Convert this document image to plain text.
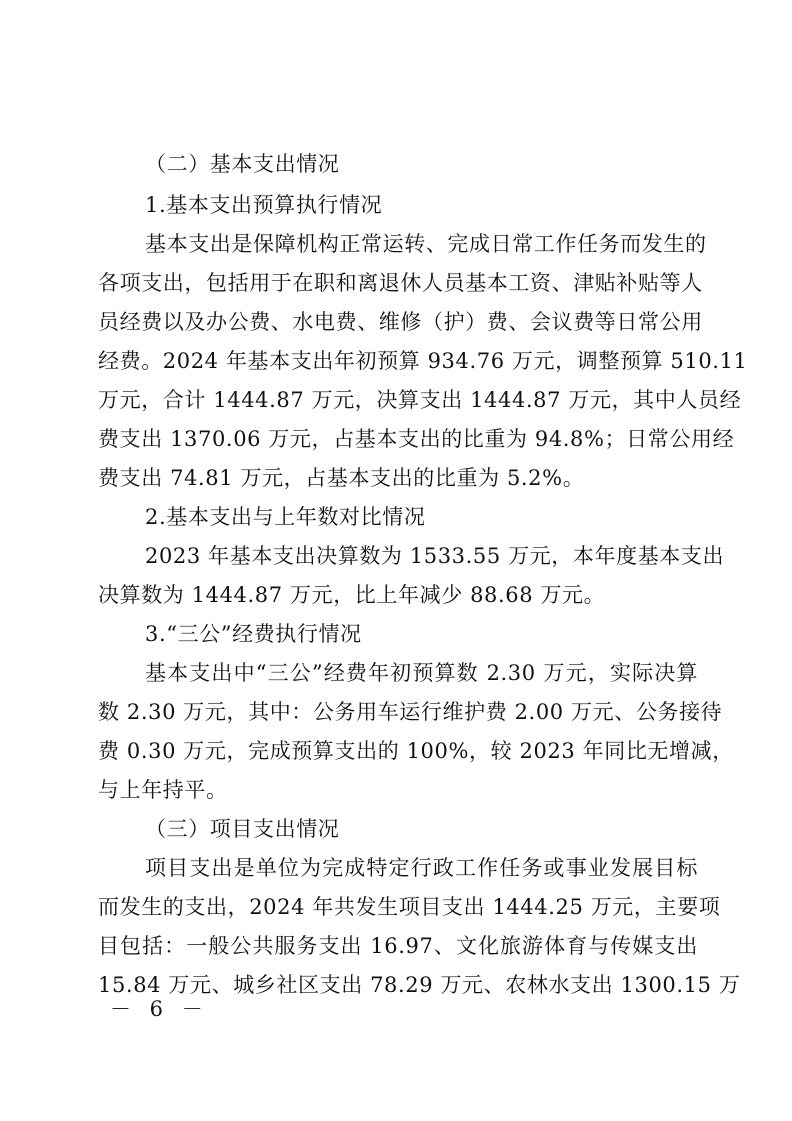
（二）基本支出情况
1.基本支出预算执行情况
基本支出是保障机构正常运转、完成日常工作任务而发生的
各项支出，包括用于在职和离退休人员基本工资、津贴补贴等人
员经费以及办公费、水电费、维修（护）费、会议费等日常公用
经费。2024 年基本支出年初预算 934.76 万元，调整预算 510.11
万元，合计 1444.87 万元，决算支出 1444.87 万元，其中人员经
费支出 1370.06 万元，占基本支出的比重为 94.8%；日常公用经
费支出 74.81 万元，占基本支出的比重为 5.2%。
2.基本支出与上年数对比情况
2023 年基本支出决算数为 1533.55 万元，本年度基本支出
决算数为 1444.87 万元，比上年减少 88.68 万元。
3.“三公”经费执行情况
基本支出中“三公”经费年初预算数 2.30 万元，实际决算
数 2.30 万元，其中：公务用车运行维护费 2.00 万元、公务接待
费 0.30 万元，完成预算支出的 100%，较 2023 年同比无增减，
与上年持平。
（三）项目支出情况
项目支出是单位为完成特定行政工作任务或事业发展目标
而发生的支出，2024 年共发生项目支出 1444.25 万元，主要项
目包括：一般公共服务支出 16.97、文化旅游体育与传媒支出
15.84 万元、城乡社区支出 78.29 万元、农林水支出 1300.15 万
－ 6 －
